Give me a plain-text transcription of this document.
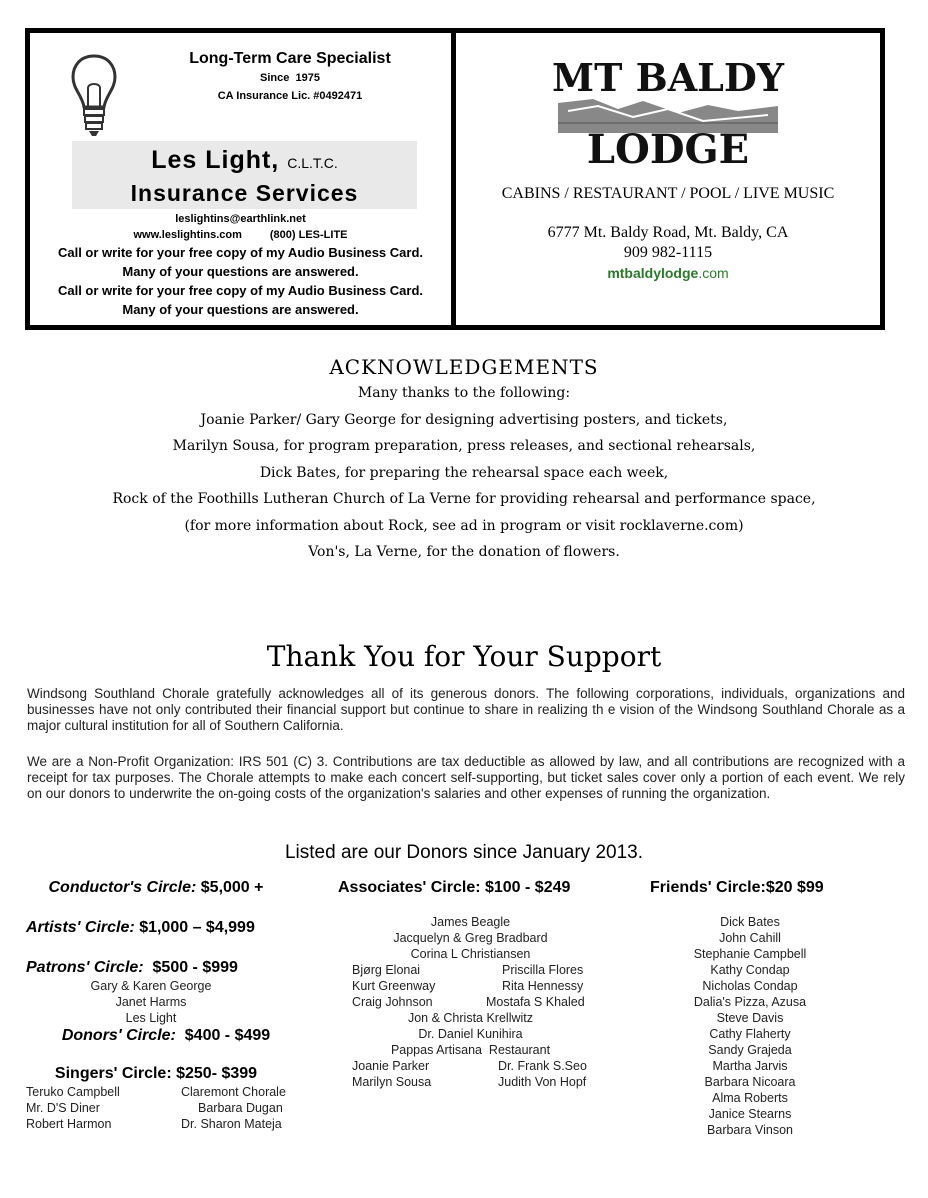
Long-Term Care Specialist
Since  1975
CA Insurance Lic. #0492471
Les Light, C.L.T.C.
Insurance Services
leslightins@earthlink.net
www.leslightins.com	(800) LES-LITE
Call or write for your free copy of my Audio Business Card.
Many of your questions are answered.
Call or write for your free copy of my Audio Business Card.
Many of your questions are answered.
MT BALDY
LODGE
CABINS / RESTAURANT / POOL / LIVE MUSIC
6777 Mt. Baldy Road, Mt. Baldy, CA
909 982-1115
mtbaldylodge.com
ACKNOWLEDGEMENTS
Many thanks to the following:
Joanie Parker/ Gary George for designing advertising posters, and tickets,
Marilyn Sousa, for program preparation, press releases, and sectional rehearsals,
Dick Bates, for preparing the rehearsal space each week,
Rock of the Foothills Lutheran Church of La Verne for providing rehearsal and performance space,
(for more information about Rock, see ad in program or visit rocklaverne.com)
Von's, La Verne, for the donation of flowers.
Thank You for Your Support
Windsong Southland Chorale gratefully acknowledges all of its generous donors. The following corporations, individuals, organizations and businesses have not only contributed their financial support but continue to share in realizing th e vision of the Windsong Southland Chorale as a major cultural institution for all of Southern California.
We are a Non-Profit Organization: IRS 501 (C) 3. Contributions are tax deductible as allowed by law, and all contributions are recognized with a receipt for tax purposes. The Chorale attempts to make each concert self-supporting, but ticket sales cover only a portion of each event. We rely on our donors to underwrite the on-going costs of the organization's salaries and other expenses of running the organization.
Listed are our Donors since January 2013.
Conductor's Circle: $5,000 +
Artists' Circle: $1,000 – $4,999
Patrons' Circle: $500 - $999
Gary & Karen George
Janet Harms
Les Light
Donors' Circle: $400 - $499
Singers' Circle: $250- $399
Teruko Campbell	Claremont Chorale
Mr. D'S Diner	Barbara Dugan
Robert Harmon	Dr. Sharon Mateja
Associates' Circle: $100 - $249
James Beagle
Jacquelyn & Greg Bradbard
Corina L Christiansen
Bjørg Elonai	Priscilla Flores
Kurt Greenway	Rita Hennessy
Craig Johnson	Mostafa S Khaled
Jon & Christa Krellwitz
Dr. Daniel Kunihira
Pappas Artisana  Restaurant
Joanie Parker	Dr. Frank S.Seo
Marilyn Sousa	Judith Von Hopf
Friends' Circle:$20 $99
Dick Bates
John Cahill
Stephanie Campbell
Kathy Condap
Nicholas Condap
Dalia's Pizza, Azusa
Steve Davis
Cathy Flaherty
Sandy Grajeda
Martha Jarvis
Barbara Nicoara
Alma Roberts
Janice Stearns
Barbara Vinson
